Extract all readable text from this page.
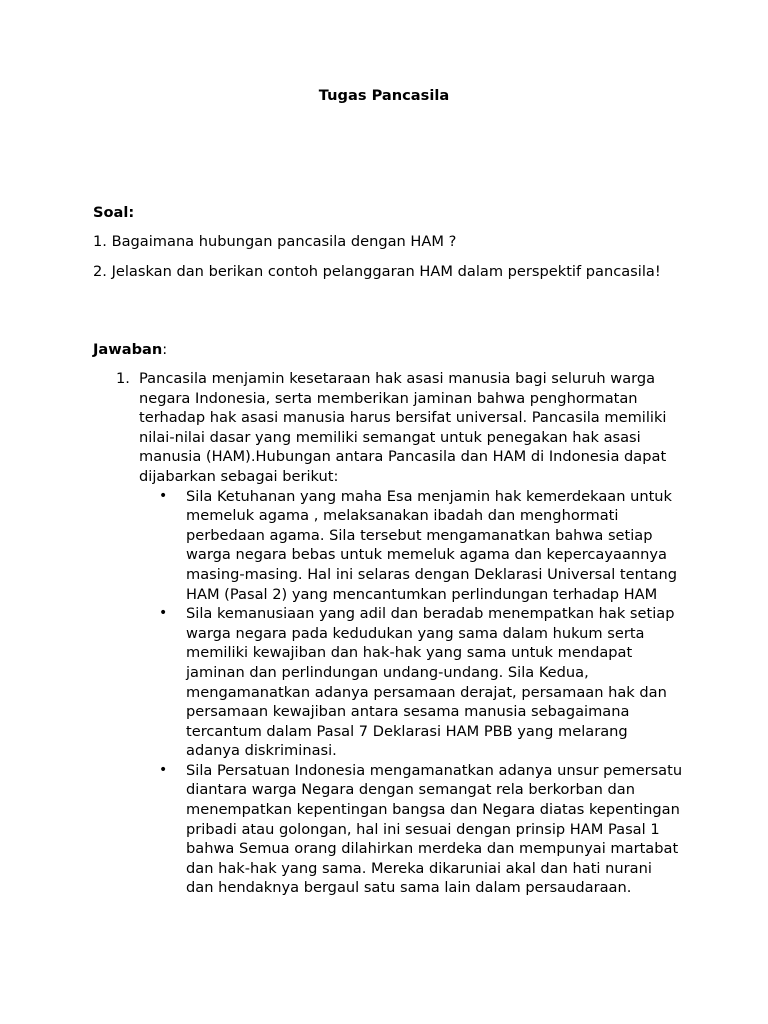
Tugas Pancasila

Soal:

1. Bagaimana hubungan pancasila dengan HAM ?

2. Jelaskan dan berikan contoh pelanggaran HAM dalam perspektif pancasila!

Jawaban:

1. Pancasila menjamin kesetaraan hak asasi manusia bagi seluruh warga negara Indonesia, serta memberikan jaminan bahwa penghormatan terhadap hak asasi manusia harus bersifat universal. Pancasila memiliki nilai-nilai dasar yang memiliki semangat untuk penegakan hak asasi manusia (HAM).Hubungan antara Pancasila dan HAM di Indonesia dapat dijabarkan sebagai berikut:
• Sila Ketuhanan yang maha Esa menjamin hak kemerdekaan untuk memeluk agama , melaksanakan ibadah dan menghormati perbedaan agama. Sila tersebut mengamanatkan bahwa setiap warga negara bebas untuk memeluk agama dan kepercayaannya masing-masing. Hal ini selaras dengan Deklarasi Universal tentang HAM (Pasal 2) yang mencantumkan perlindungan terhadap HAM
• Sila kemanusiaan yang adil dan beradab menempatkan hak setiap warga negara pada kedudukan yang sama dalam hukum serta memiliki kewajiban dan hak-hak yang sama untuk mendapat jaminan dan perlindungan undang-undang. Sila Kedua, mengamanatkan adanya persamaan derajat, persamaan hak dan persamaan kewajiban antara sesama manusia sebagaimana tercantum dalam Pasal 7 Deklarasi HAM PBB yang melarang adanya diskriminasi.
• Sila Persatuan Indonesia mengamanatkan adanya unsur pemersatu diantara warga Negara dengan semangat rela berkorban dan menempatkan kepentingan bangsa dan Negara diatas kepentingan pribadi atau golongan, hal ini sesuai dengan prinsip HAM Pasal 1 bahwa Semua orang dilahirkan merdeka dan mempunyai martabat dan hak-hak yang sama. Mereka dikaruniai akal dan hati nurani dan hendaknya bergaul satu sama lain dalam persaudaraan.
